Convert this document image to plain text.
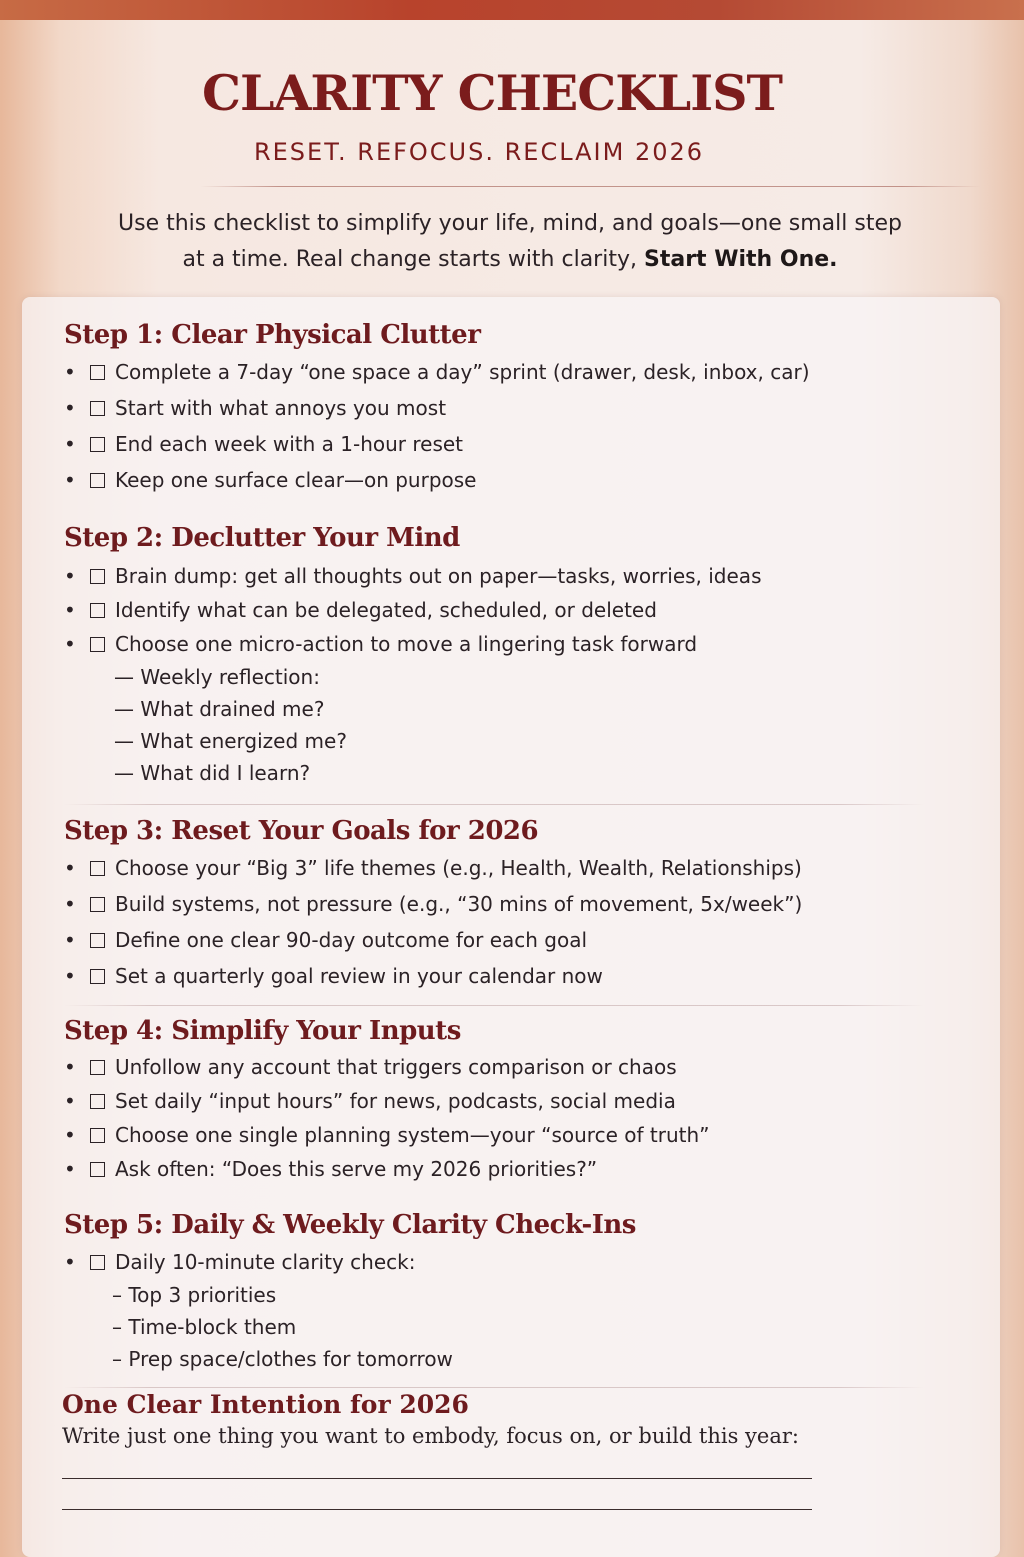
CLARITY CHECKLIST
RESET. REFOCUS. RECLAIM 2026

Use this checklist to simplify your life, mind, and goals—one small step
at a time. Real change starts with clarity, Start With One.

Step 1: Clear Physical Clutter
• Complete a 7-day “one space a day” sprint (drawer, desk, inbox, car)
• Start with what annoys you most
• End each week with a 1-hour reset
• Keep one surface clear—on purpose
Step 2: Declutter Your Mind
• Brain dump: get all thoughts out on paper—tasks, worries, ideas
• Identify what can be delegated, scheduled, or deleted
• Choose one micro-action to move a lingering task forward
— Weekly reflection:
— What drained me?
— What energized me?
— What did I learn?
Step 3: Reset Your Goals for 2026
• Choose your “Big 3” life themes (e.g., Health, Wealth, Relationships)
• Build systems, not pressure (e.g., “30 mins of movement, 5x/week”)
• Define one clear 90-day outcome for each goal
• Set a quarterly goal review in your calendar now
Step 4: Simplify Your Inputs
• Unfollow any account that triggers comparison or chaos
• Set daily “input hours” for news, podcasts, social media
• Choose one single planning system—your “source of truth”
• Ask often: “Does this serve my 2026 priorities?”
Step 5: Daily & Weekly Clarity Check-Ins
• Daily 10-minute clarity check:
– Top 3 priorities
– Time-block them
– Prep space/clothes for tomorrow
One Clear Intention for 2026

Write just one thing you want to embody, focus on, or build this year:
